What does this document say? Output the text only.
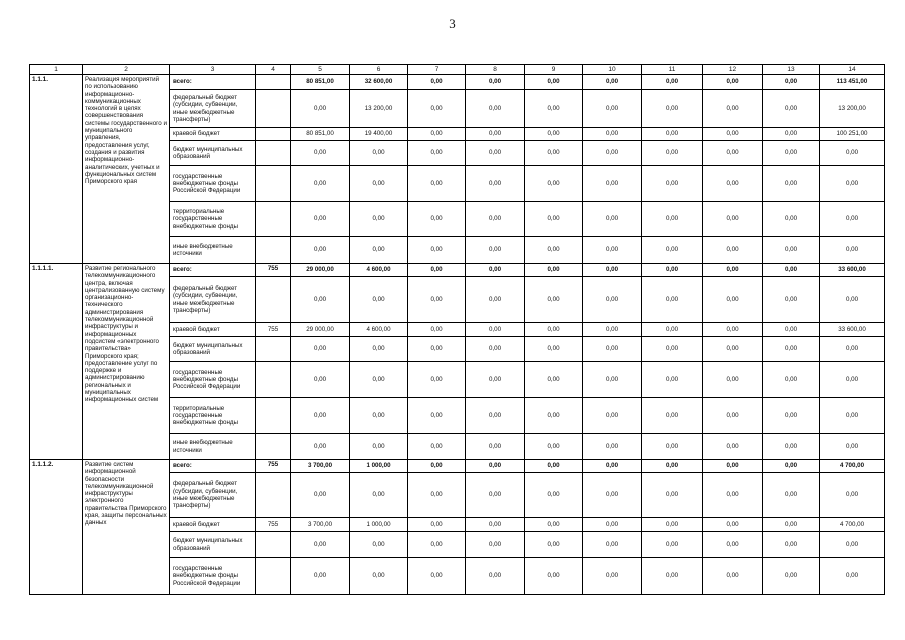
3
1	2	3	4	5	6	7	8	9	10	11	12	13	14
1.1.1.	Реализация мероприятий по использованию информационно-коммуникационных технологий в целях совершенствования системы государственного и муниципального управления, предоставления услуг, создания и развития информационно-аналитических, учетных и функциональных систем Приморского края	всего:		80 851,00	32 600,00	0,00	0,00	0,00	0,00	0,00	0,00	0,00	113 451,00
		федеральный бюджет (субсидии, субвенции, иные межбюджетные трансферты)		0,00	13 200,00	0,00	0,00	0,00	0,00	0,00	0,00	0,00	13 200,00
		краевой бюджет		80 851,00	19 400,00	0,00	0,00	0,00	0,00	0,00	0,00	0,00	100 251,00
		бюджет муниципальных образований		0,00	0,00	0,00	0,00	0,00	0,00	0,00	0,00	0,00	0,00
		государственные внебюджетные фонды Российской Федерации		0,00	0,00	0,00	0,00	0,00	0,00	0,00	0,00	0,00	0,00
		территориальные государственные внебюджетные фонды		0,00	0,00	0,00	0,00	0,00	0,00	0,00	0,00	0,00	0,00
		иные внебюджетные источники		0,00	0,00	0,00	0,00	0,00	0,00	0,00	0,00	0,00	0,00
1.1.1.1.	Развитие регионального телекоммуникационного центра, включая централизованную систему организационно-технического администрирования телекоммуникационной инфраструктуры и информационных подсистем «электронного правительства» Приморского края; предоставление услуг по поддержке и администрированию региональных и муниципальных информационных систем	всего:	755	29 000,00	4 600,00	0,00	0,00	0,00	0,00	0,00	0,00	0,00	33 600,00
		федеральный бюджет (субсидии, субвенции, иные межбюджетные трансферты)		0,00	0,00	0,00	0,00	0,00	0,00	0,00	0,00	0,00	0,00
		краевой бюджет	755	29 000,00	4 600,00	0,00	0,00	0,00	0,00	0,00	0,00	0,00	33 600,00
		бюджет муниципальных образований		0,00	0,00	0,00	0,00	0,00	0,00	0,00	0,00	0,00	0,00
		государственные внебюджетные фонды Российской Федерации		0,00	0,00	0,00	0,00	0,00	0,00	0,00	0,00	0,00	0,00
		территориальные государственные внебюджетные фонды		0,00	0,00	0,00	0,00	0,00	0,00	0,00	0,00	0,00	0,00
		иные внебюджетные источники		0,00	0,00	0,00	0,00	0,00	0,00	0,00	0,00	0,00	0,00
1.1.1.2.	Развитие систем информационной безопасности телекоммуникационной инфраструктуры электронного правительства Приморского края, защиты персональных данных	всего:	755	3 700,00	1 000,00	0,00	0,00	0,00	0,00	0,00	0,00	0,00	4 700,00
		федеральный бюджет (субсидии, субвенции, иные межбюджетные трансферты)		0,00	0,00	0,00	0,00	0,00	0,00	0,00	0,00	0,00	0,00
		краевой бюджет	755	3 700,00	1 000,00	0,00	0,00	0,00	0,00	0,00	0,00	0,00	4 700,00
		бюджет муниципальных образований		0,00	0,00	0,00	0,00	0,00	0,00	0,00	0,00	0,00	0,00
		государственные внебюджетные фонды Российской Федерации		0,00	0,00	0,00	0,00	0,00	0,00	0,00	0,00	0,00	0,00
